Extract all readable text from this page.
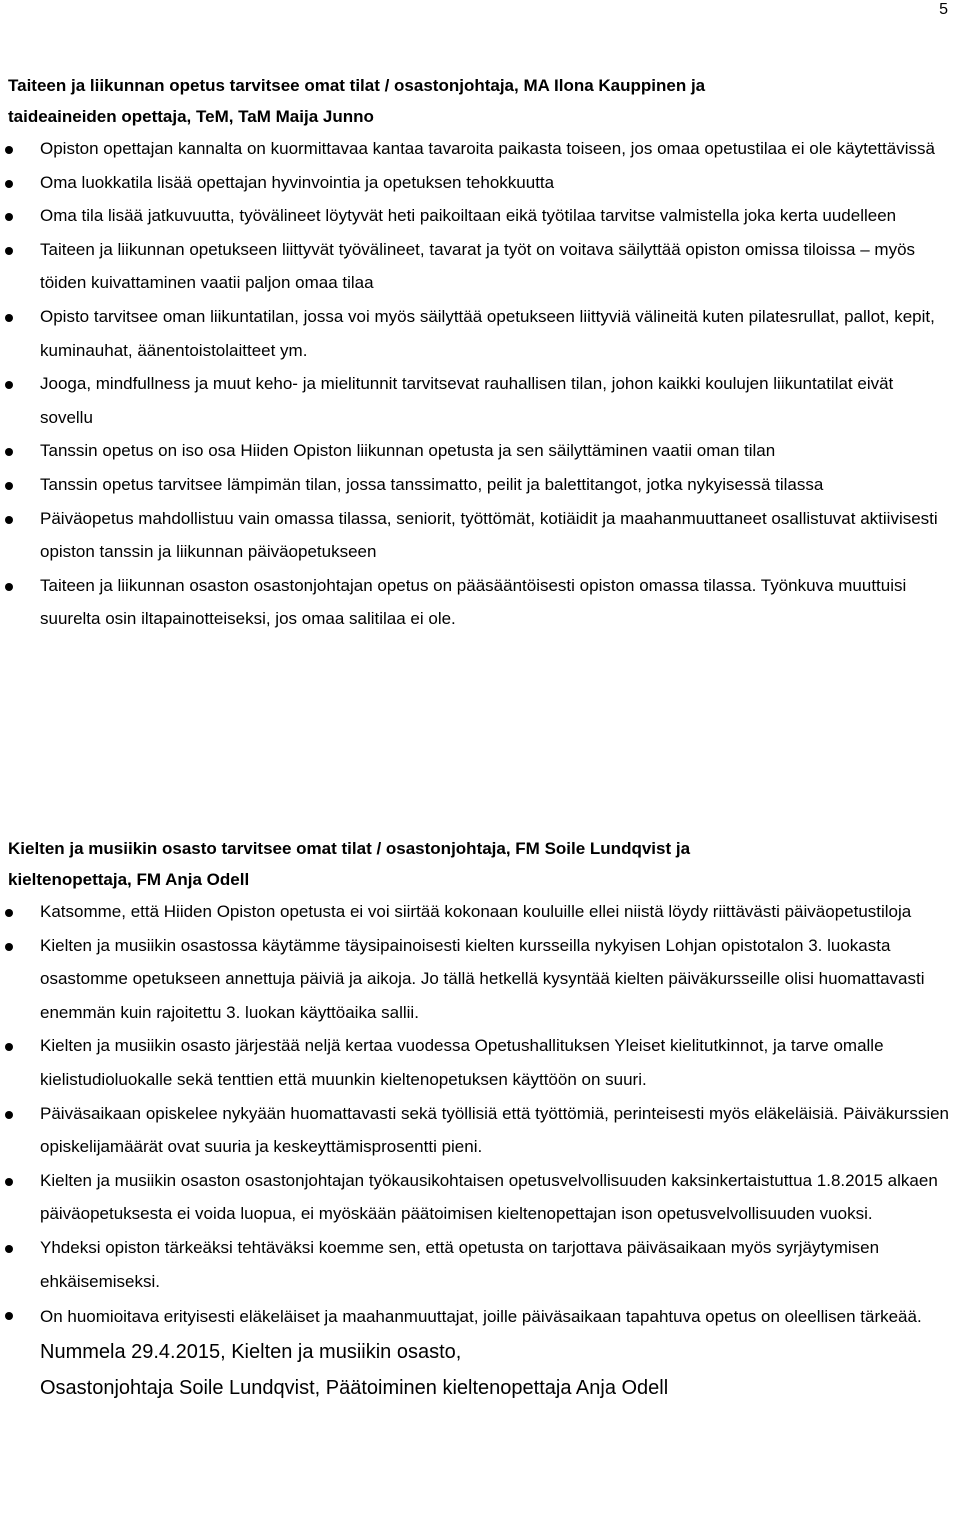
5

Taiteen ja liikunnan opetus tarvitsee omat tilat / osastonjohtaja, MA Ilona Kauppinen ja
taideaineiden opettaja, TeM, TaM Maija Junno

Opiston opettajan kannalta on kuormittavaa kantaa tavaroita paikasta toiseen, jos omaa opetustilaa ei ole käytettävissä
Oma luokkatila lisää opettajan hyvinvointia ja opetuksen tehokkuutta
Oma tila lisää jatkuvuutta, työvälineet löytyvät heti paikoiltaan eikä työtilaa tarvitse valmistella joka kerta uudelleen
Taiteen ja liikunnan opetukseen liittyvät työvälineet, tavarat ja työt on voitava säilyttää opiston omissa tiloissa – myös töiden kuivattaminen vaatii paljon omaa tilaa
Opisto tarvitsee oman liikuntatilan, jossa voi myös säilyttää opetukseen liittyviä välineitä kuten pilatesrullat, pallot, kepit, kuminauhat, äänentoistolaitteet ym.
Jooga, mindfullness ja muut keho- ja mielitunnit tarvitsevat rauhallisen tilan, johon kaikki koulujen liikuntatilat eivät sovellu
Tanssin opetus on iso osa Hiiden Opiston liikunnan opetusta ja sen säilyttäminen vaatii oman tilan
Tanssin opetus tarvitsee lämpimän tilan, jossa tanssimatto, peilit ja balettitangot, jotka nykyisessä tilassa
Päiväopetus mahdollistuu vain omassa tilassa, seniorit, työttömät, kotiäidit ja maahanmuuttaneet osallistuvat aktiivisesti opiston tanssin ja liikunnan päiväopetukseen
Taiteen ja liikunnan osaston osastonjohtajan opetus on pääsääntöisesti opiston omassa tilassa. Työnkuva muuttuisi suurelta osin iltapainotteiseksi, jos omaa salitilaa ei ole.

Kielten ja musiikin osasto tarvitsee omat tilat / osastonjohtaja, FM Soile Lundqvist ja
kieltenopettaja, FM Anja Odell

Katsomme, että Hiiden Opiston opetusta ei voi siirtää kokonaan kouluille ellei niistä löydy riittävästi päiväopetustiloja
Kielten ja musiikin osastossa käytämme täysipainoisesti kielten kursseilla nykyisen Lohjan opistotalon 3. luokasta osastomme opetukseen annettuja päiviä ja aikoja. Jo tällä hetkellä kysyntää kielten päiväkursseille olisi huomattavasti enemmän kuin rajoitettu 3. luokan käyttöaika sallii.
Kielten ja musiikin osasto järjestää neljä kertaa vuodessa Opetushallituksen Yleiset kielitutkinnot, ja tarve omalle kielistudioluokalle sekä tenttien että muunkin kieltenopetuksen käyttöön on suuri.
Päiväsaikaan opiskelee nykyään huomattavasti sekä työllisiä että työttömiä, perinteisesti myös eläkeläisiä. Päiväkurssien opiskelijamäärät ovat suuria ja keskeyttämisprosentti pieni.
Kielten ja musiikin osaston osastonjohtajan työkausikohtaisen opetusvelvollisuuden kaksinkertaistuttua 1.8.2015 alkaen päiväopetuksesta ei voida luopua, ei myöskään päätoimisen kieltenopettajan ison opetusvelvollisuuden vuoksi.
Yhdeksi opiston tärkeäksi tehtäväksi koemme sen, että opetusta on tarjottava päiväsaikaan myös syrjäytymisen ehkäisemiseksi.
On huomioitava erityisesti eläkeläiset ja maahanmuuttajat, joille päiväsaikaan tapahtuva opetus on oleellisen tärkeää. Nummela 29.4.2015, Kielten ja musiikin osasto,
Osastonjohtaja Soile Lundqvist, Päätoiminen kieltenopettaja Anja Odell
